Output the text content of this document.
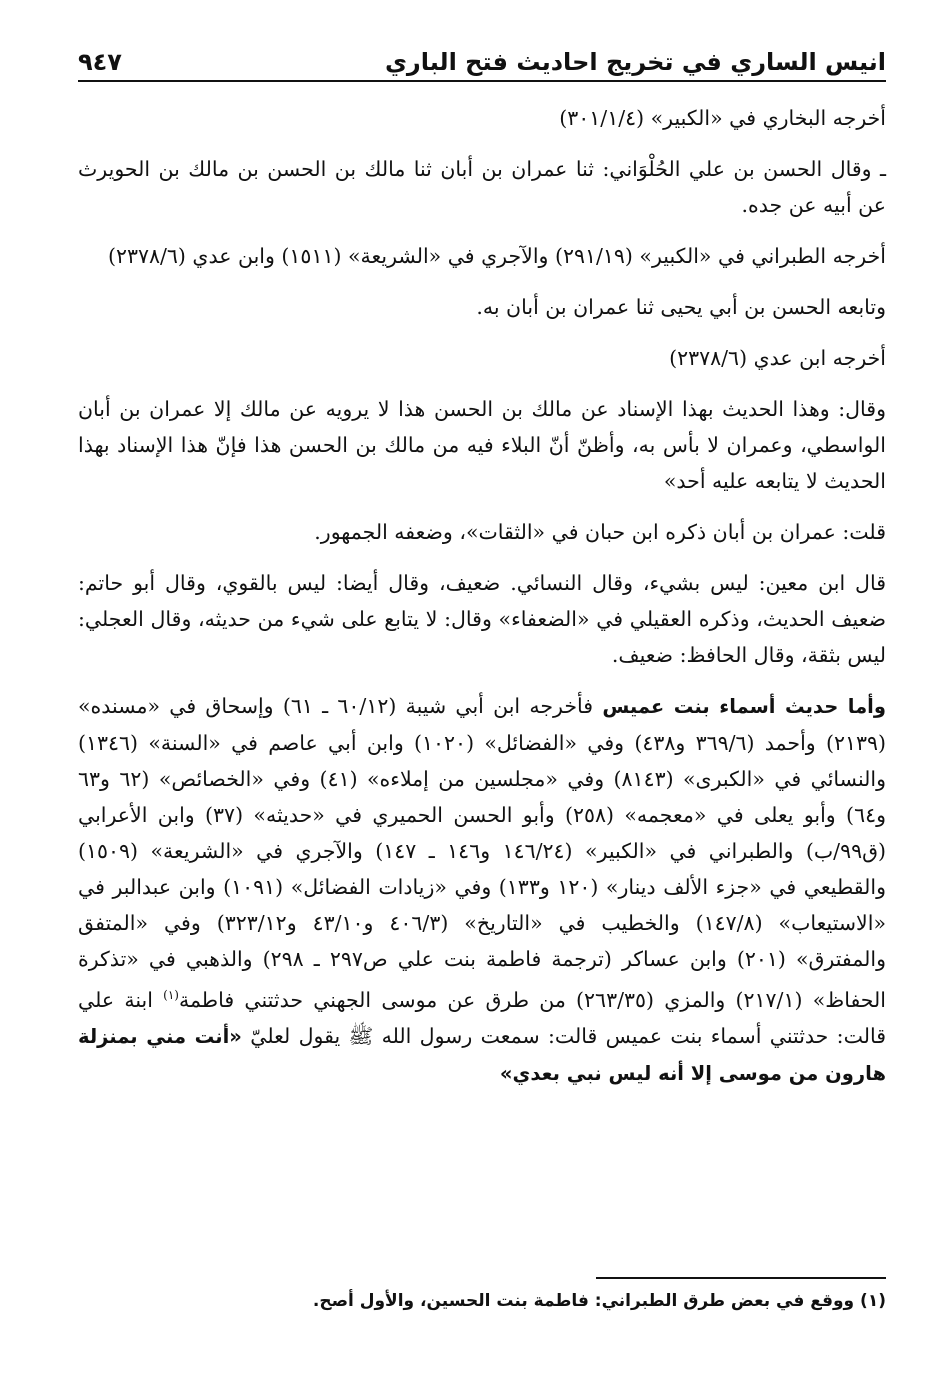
٩٤٧	انيس الساري في تخريج احاديث فتح الباري

أخرجه البخاري في «الكبير» (٣٠١/١/٤)

ـ وقال الحسن بن علي الحُلْوَاني: ثنا عمران بن أبان ثنا مالك بن الحسن بن مالك بن الحويرث عن أبيه عن جده.

أخرجه الطبراني في «الكبير» (٢٩١/١٩) والآجري في «الشريعة» (١٥١١) وابن عدي (٢٣٧٨/٦)

وتابعه الحسن بن أبي يحيى ثنا عمران بن أبان به.

أخرجه ابن عدي (٢٣٧٨/٦)

وقال: وهذا الحديث بهذا الإسناد عن مالك بن الحسن هذا لا يرويه عن مالك إلا عمران بن أبان الواسطي، وعمران لا بأس به، وأظنّ أنّ البلاء فيه من مالك بن الحسن هذا فإنّ هذا الإسناد بهذا الحديث لا يتابعه عليه أحد»

قلت: عمران بن أبان ذكره ابن حبان في «الثقات»، وضعفه الجمهور.

قال ابن معين: ليس بشيء، وقال النسائي. ضعيف، وقال أيضا: ليس بالقوي، وقال أبو حاتم: ضعيف الحديث، وذكره العقيلي في «الضعفاء» وقال: لا يتابع على شيء من حديثه، وقال العجلي: ليس بثقة، وقال الحافظ: ضعيف.

وأما حديث أسماء بنت عميس فأخرجه ابن أبي شيبة (٦٠/١٢ ـ ٦١) وإسحاق في «مسنده» (٢١٣٩) وأحمد (٣٦٩/٦ و٤٣٨) وفي «الفضائل» (١٠٢٠) وابن أبي عاصم في «السنة» (١٣٤٦) والنسائي في «الكبرى» (٨١٤٣) وفي «مجلسين من إملاءه» (٤١) وفي «الخصائص» (٦٢ و٦٣ و٦٤) وأبو يعلى في «معجمه» (٢٥٨) وأبو الحسن الحميري في «حديثه» (٣٧) وابن الأعرابي (ق٩٩/ب) والطبراني في «الكبير» (١٤٦/٢٤ و١٤٦ ـ ١٤٧) والآجري في «الشريعة» (١٥٠٩) والقطيعي في «جزء الألف دينار» (١٢٠ و١٣٣) وفي «زيادات الفضائل» (١٠٩١) وابن عبدالبر في «الاستيعاب» (١٤٧/٨) والخطيب في «التاريخ» (٤٠٦/٣ و٤٣/١٠ و٣٢٣/١٢) وفي «المتفق والمفترق» (٢٠١) وابن عساكر (ترجمة فاطمة بنت علي ص٢٩٧ ـ ٢٩٨) والذهبي في «تذكرة الحفاظ» (٢١٧/١) والمزي (٢٦٣/٣٥) من طرق عن موسى الجهني حدثتني فاطمة$^{(١)}$ ابنة علي قالت: حدثتني أسماء بنت عميس قالت: سمعت رسول الله ﷺ يقول لعليّ «أنت مني بمنزلة هارون من موسى إلا أنه ليس نبي بعدي»

(١) ووقع في بعض طرق الطبراني: فاطمة بنت الحسين، والأول أصح.
